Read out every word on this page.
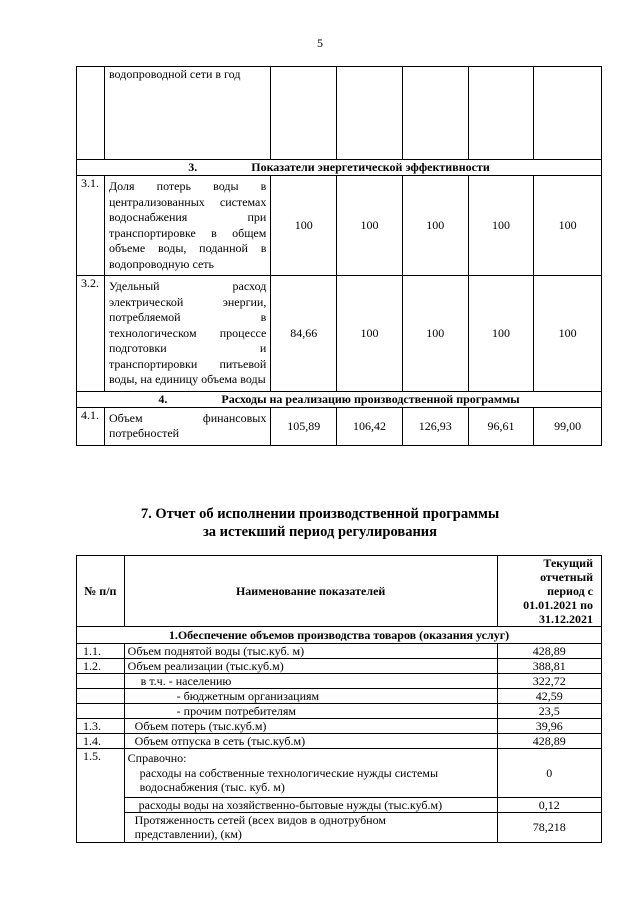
5
	водопроводной сети в год					
3. Показатели энергетической эффективности						
3.1.	Доля потерь воды в централизованных системах водоснабжения при транспортировке в общем объеме воды, поданной в водопроводную сеть	100	100	100	100	100
3.2.	Удельный расход электрической энергии, потребляемой в технологическом процессе подготовки и транспортировки питьевой воды, на единицу объема воды	84,66	100	100	100	100
4. Расходы на реализацию производственной программы						
4.1.	Объем финансовых потребностей	105,89	106,42	126,93	96,61	99,00
7. Отчет об исполнении производственной программы
за истекший период регулирования
№ п/п	Наименование показателей	Текущий отчетный период с 01.01.2021 по 31.12.2021
1.Обеспечение объемов производства товаров (оказания услуг)		
1.1.	Объем поднятой воды (тыс.куб. м)	428,89
1.2.	Объем реализации (тыс.куб.м)	388,81
	в т.ч. - населению	322,72
	- бюджетным организациям	42,59
	- прочим потребителям	23,5
1.3.	Объем потерь (тыс.куб.м)	39,96
1.4.	Объем отпуска в сеть (тыс.куб.м)	428,89
1.5.	Справочно:
расходы на собственные технологические нужды системы водоснабжения (тыс. куб. м)	0
	расходы воды на хозяйственно-бытовые нужды (тыс.куб.м)	0,12
	Протяженность сетей (всех видов в однотрубном представлении), (км)	78,218
